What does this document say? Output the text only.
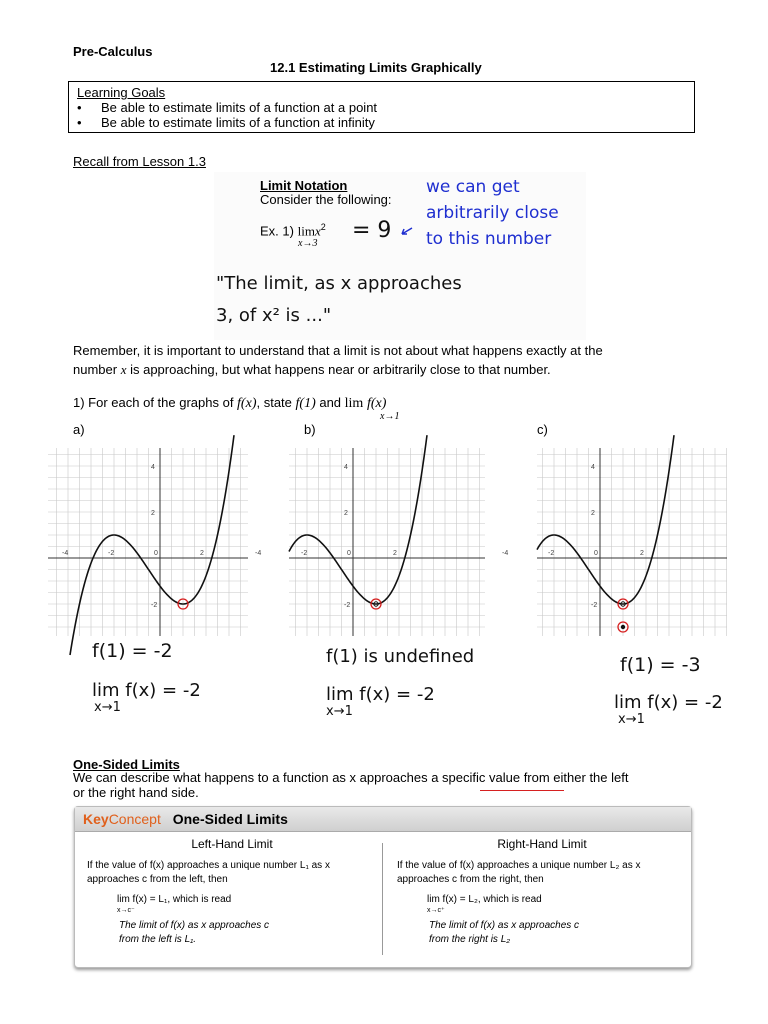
Pre-Calculus
12.1 Estimating Limits Graphically
Learning Goals
• Be able to estimate limits of a function at a point
• Be able to estimate limits of a function at infinity
Recall from Lesson 1.3
Limit Notation
Consider the following:
Ex. 1) limx$^2$
x→3
= 9
we can get
arbitrarily close
to this number
"The limit, as x approaches
3, of x² is ..."
Remember, it is important to understand that a limit is not about what happens exactly at the
number x is approaching, but what happens near or arbitrarily close to that number.
1) For each of the graphs of f(x), state f(1) and lim f(x)
x→1
a)	b)	c)
-4	-2	0	2
4
2
-2
-4	-2	0	2
4
2
-2
-4	-2	0	2
4
2
-2
f(1) = -2
lim f(x) = -2
x→1
f(1) is undefined
lim f(x) = -2
x→1
f(1) = -3
lim f(x) = -2
x→1
One-Sided Limits
We can describe what happens to a function as x approaches a specific value from either the left
or the right hand side.
KeyConcept One-Sided Limits
Left-Hand Limit
If the value of f(x) approaches a unique number L₁ as x
approaches c from the left, then
lim f(x) = L₁, which is read
x→c⁻
The limit of f(x) as x approaches c
from the left is L₁.
Right-Hand Limit
If the value of f(x) approaches a unique number L₂ as x
approaches c from the right, then
lim f(x) = L₂, which is read
x→c⁺
The limit of f(x) as x approaches c
from the right is L₂
